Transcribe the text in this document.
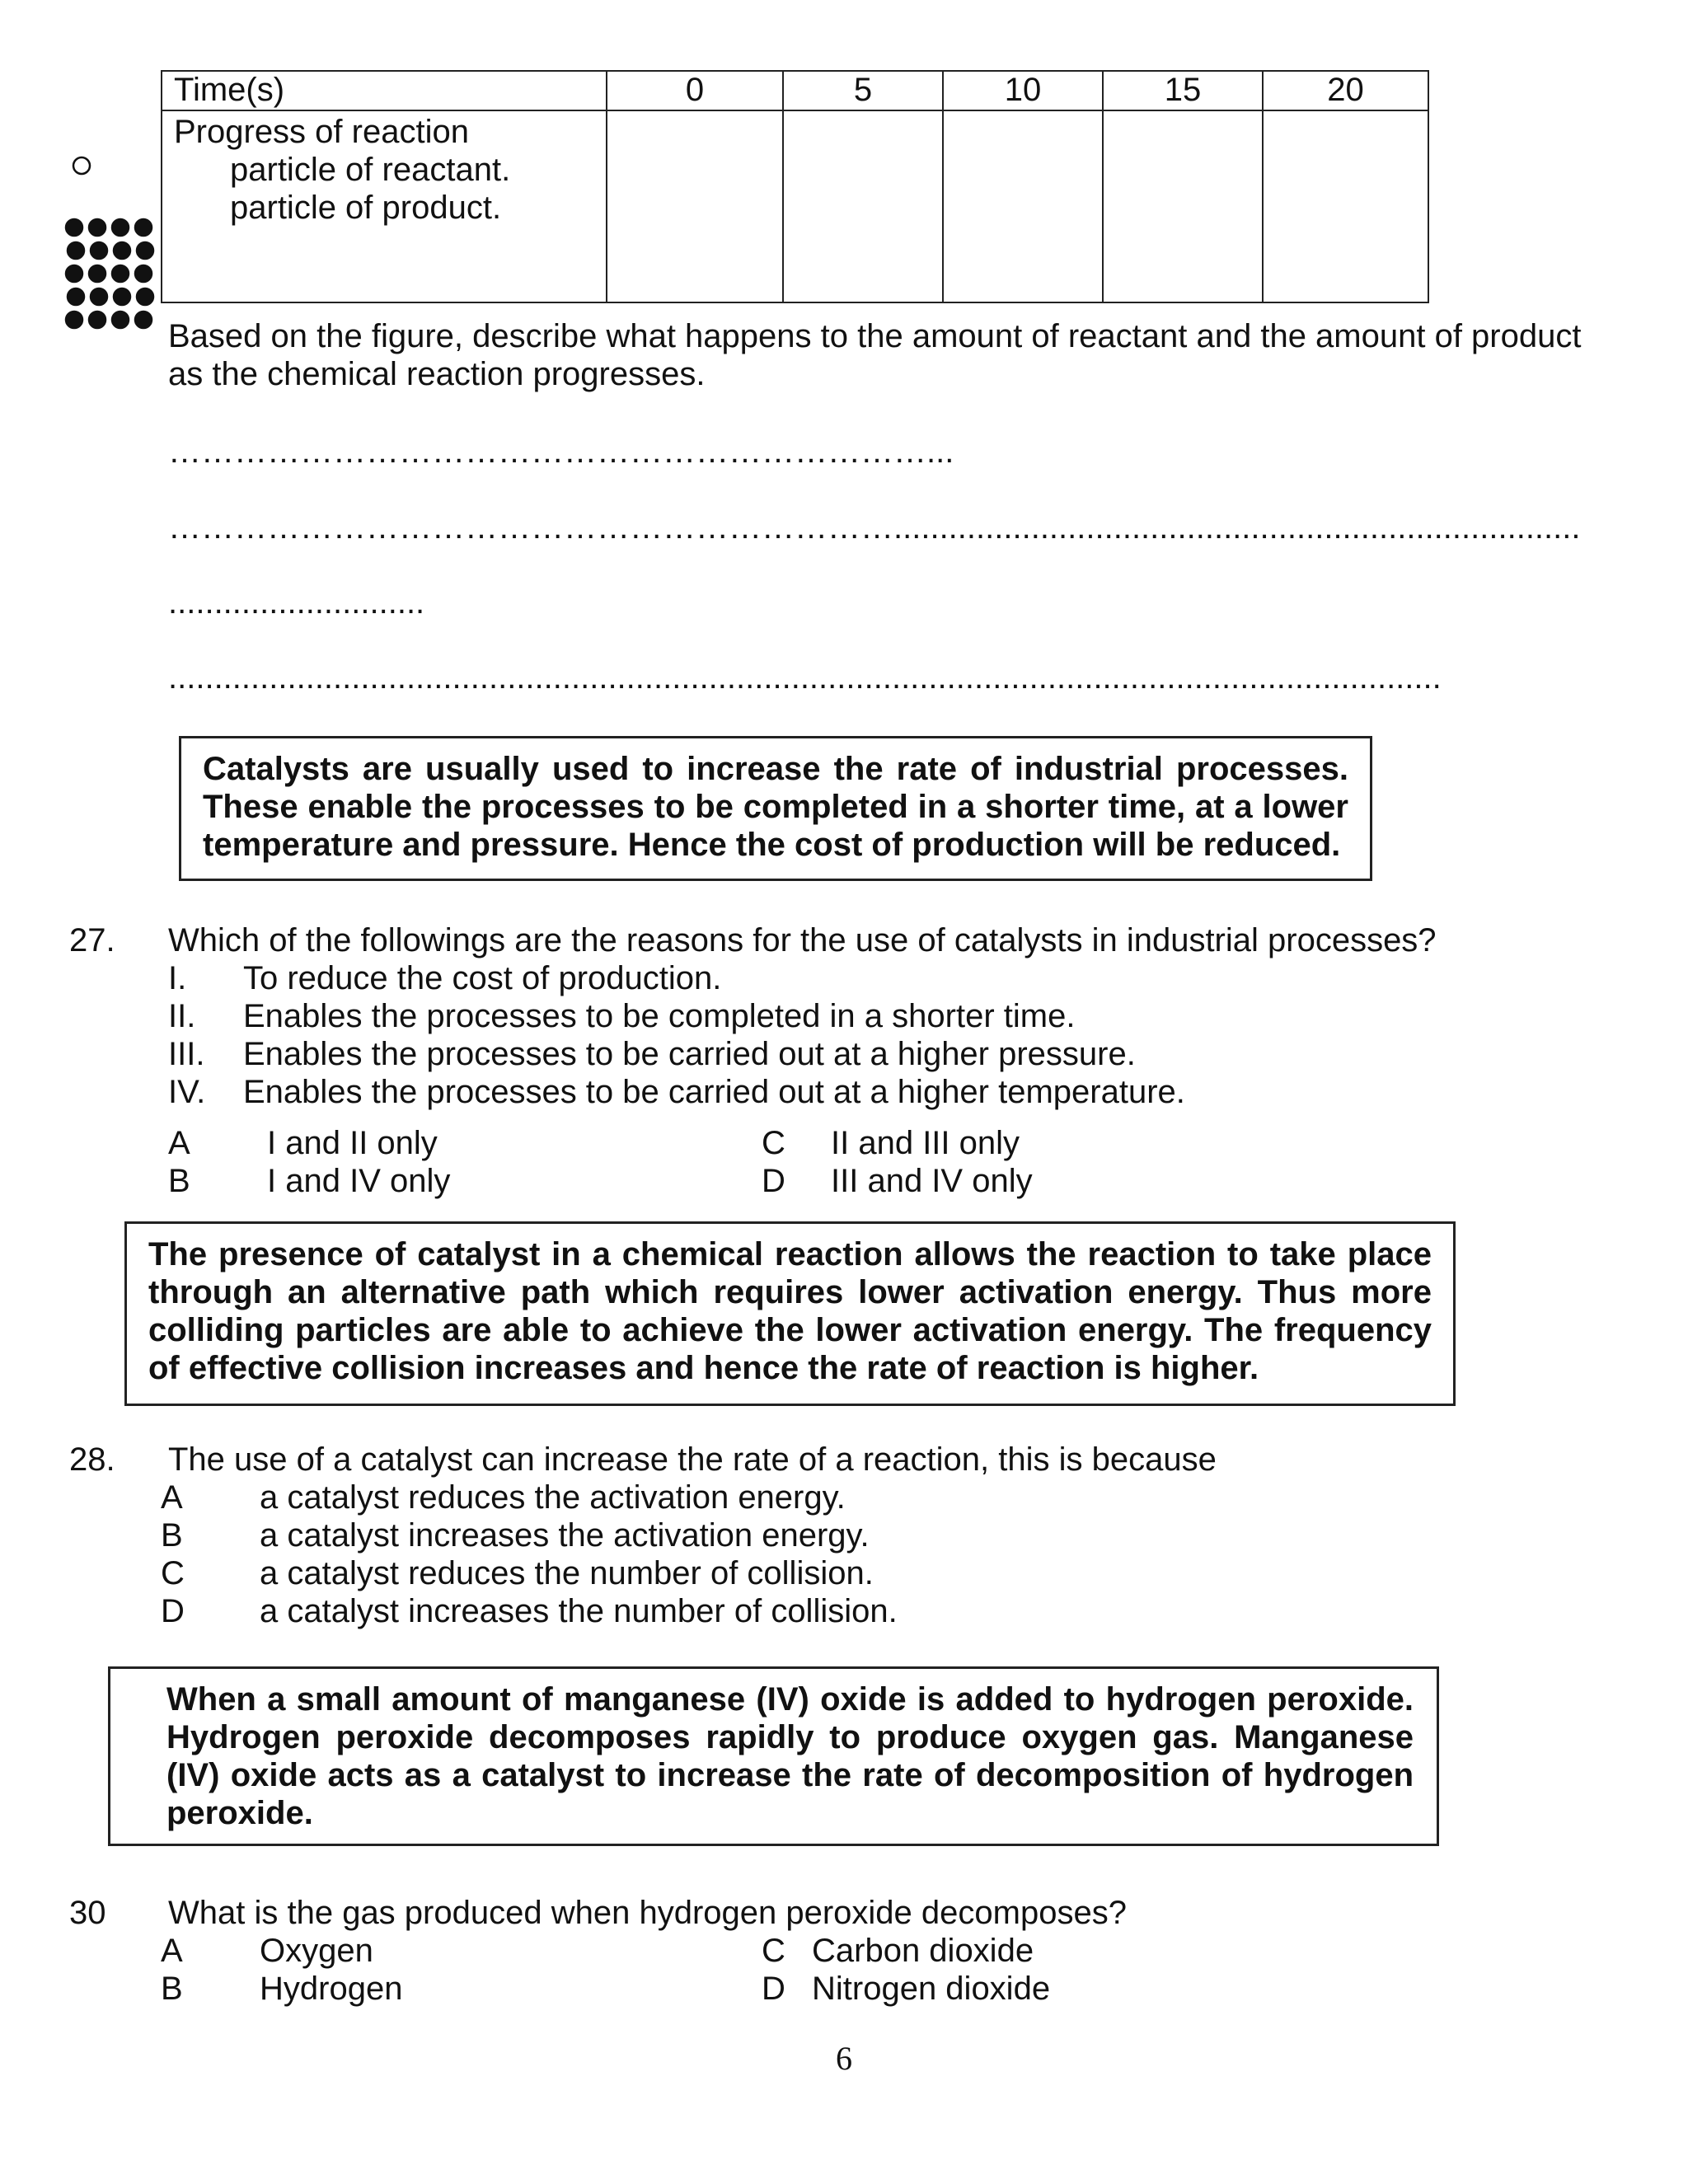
Time(s)	0	5	10	15	20
Progress of reaction
particle of reactant.
particle of product.					

Based on the figure, describe what happens to the amount of reactant and the amount of product as the chemical reaction progresses.
……………………………………………………………...
…………………………………………………………...........................................................................
............................
...........................................................................................................................................
Catalysts are usually used to increase the rate of industrial processes. These enable the processes to be completed in a shorter time, at a lower temperature and pressure. Hence the cost of production will be reduced.
27. Which of the followings are the reasons for the use of catalysts in industrial processes?
I.	To reduce the cost of production.
II.	Enables the processes to be completed in a shorter time.
III.	Enables the processes to be carried out at a higher pressure.
IV.	Enables the processes to be carried out at a higher temperature.
A I and II only
B I and IV only
C II and III only
D III and IV only
The presence of catalyst in a chemical reaction allows the reaction to take place through an alternative path which requires lower activation energy. Thus more colliding particles are able to achieve the lower activation energy. The frequency of effective collision increases and hence the rate of reaction is higher.
28. The use of a catalyst can increase the rate of a reaction, this is because
A a catalyst reduces the activation energy.
B a catalyst increases the activation energy.
C a catalyst reduces the number of collision.
D a catalyst increases the number of collision.
When a small amount of manganese (IV) oxide is added to hydrogen peroxide. Hydrogen peroxide decomposes rapidly to produce oxygen gas. Manganese (IV) oxide acts as a catalyst to increase the rate of decomposition of hydrogen peroxide.
30 What is the gas produced when hydrogen peroxide decomposes?
A Oxygen
B Hydrogen
C Carbon dioxide
D Nitrogen dioxide
6
